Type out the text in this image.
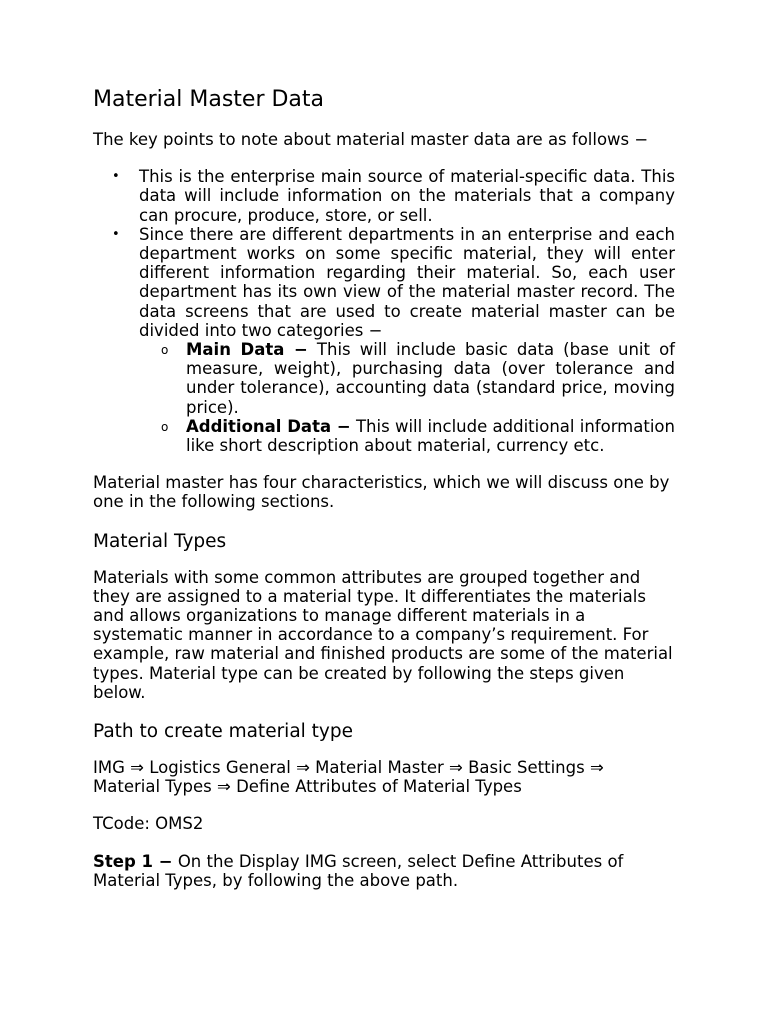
Material Master Data

The key points to note about material master data are as follows −

• This is the enterprise main source of material-specific data. This data will include information on the materials that a company can procure, produce, store, or sell.
• Since there are different departments in an enterprise and each department works on some specific material, they will enter different information regarding their material. So, each user department has its own view of the material master record. The data screens that are used to create material master can be divided into two categories −
o Main Data − This will include basic data (base unit of measure, weight), purchasing data (over tolerance and under tolerance), accounting data (standard price, moving price).
o Additional Data − This will include additional information like short description about material, currency etc.

Material master has four characteristics, which we will discuss one by one in the following sections.

Material Types

Materials with some common attributes are grouped together and they are assigned to a material type. It differentiates the materials and allows organizations to manage different materials in a systematic manner in accordance to a company’s requirement. For example, raw material and finished products are some of the material types. Material type can be created by following the steps given below.

Path to create material type

IMG ⇒ Logistics General ⇒ Material Master ⇒ Basic Settings ⇒ Material Types ⇒ Define Attributes of Material Types

TCode: OMS2

Step 1 − On the Display IMG screen, select Define Attributes of Material Types, by following the above path.
